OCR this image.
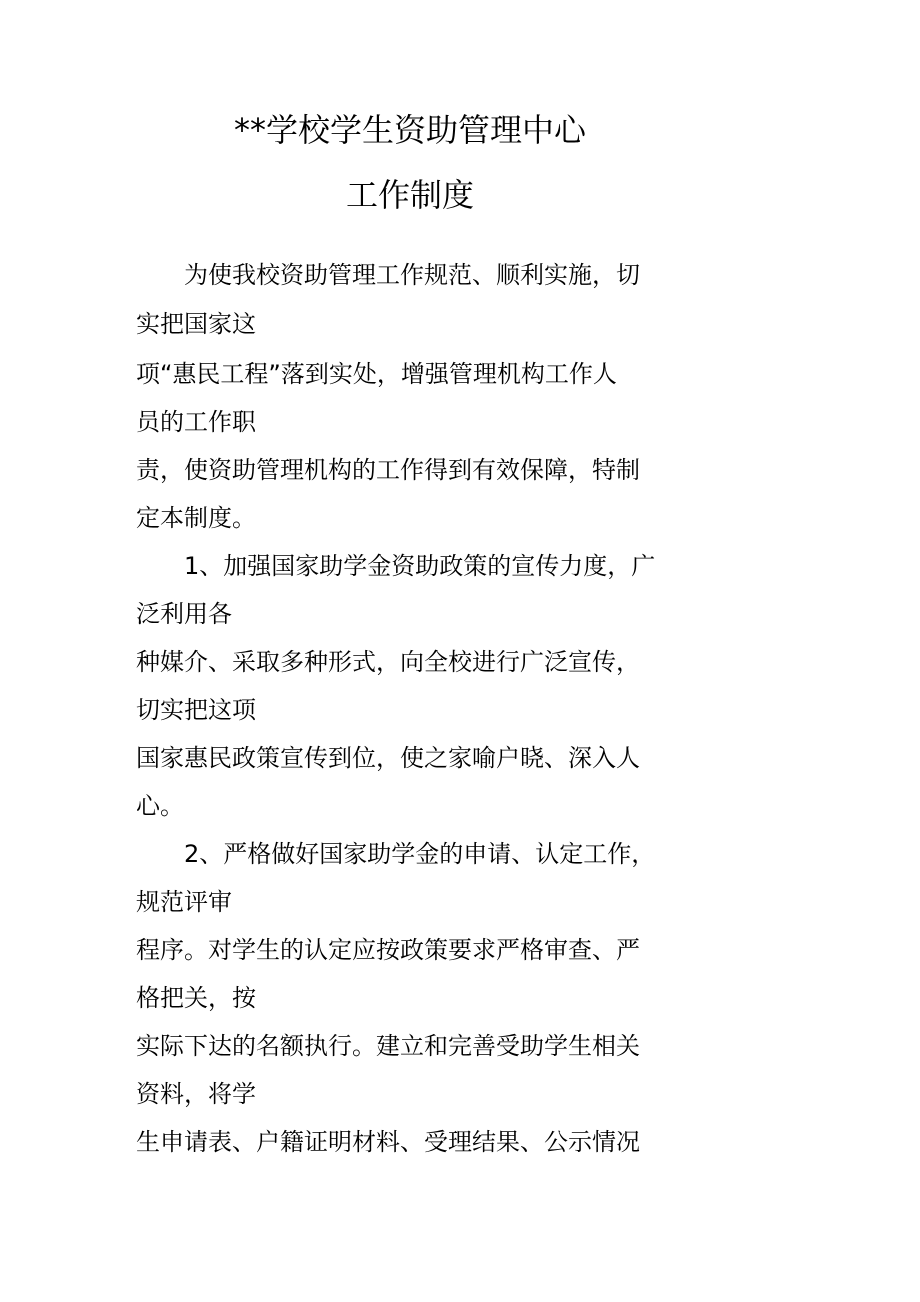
**学校学生资助管理中心
工作制度
为使我校资助管理工作规范、顺利实施，切
实把国家这
项“惠民工程”落到实处，增强管理机构工作人
员的工作职
责，使资助管理机构的工作得到有效保障，特制
定本制度。
1、加强国家助学金资助政策的宣传力度，广
泛利用各
种媒介、采取多种形式，向全校进行广泛宣传，
切实把这项
国家惠民政策宣传到位，使之家喻户晓、深入人
心。
2、严格做好国家助学金的申请、认定工作，
规范评审
程序。对学生的认定应按政策要求严格审查、严
格把关，按
实际下达的名额执行。建立和完善受助学生相关
资料，将学
生申请表、户籍证明材料、受理结果、公示情况
